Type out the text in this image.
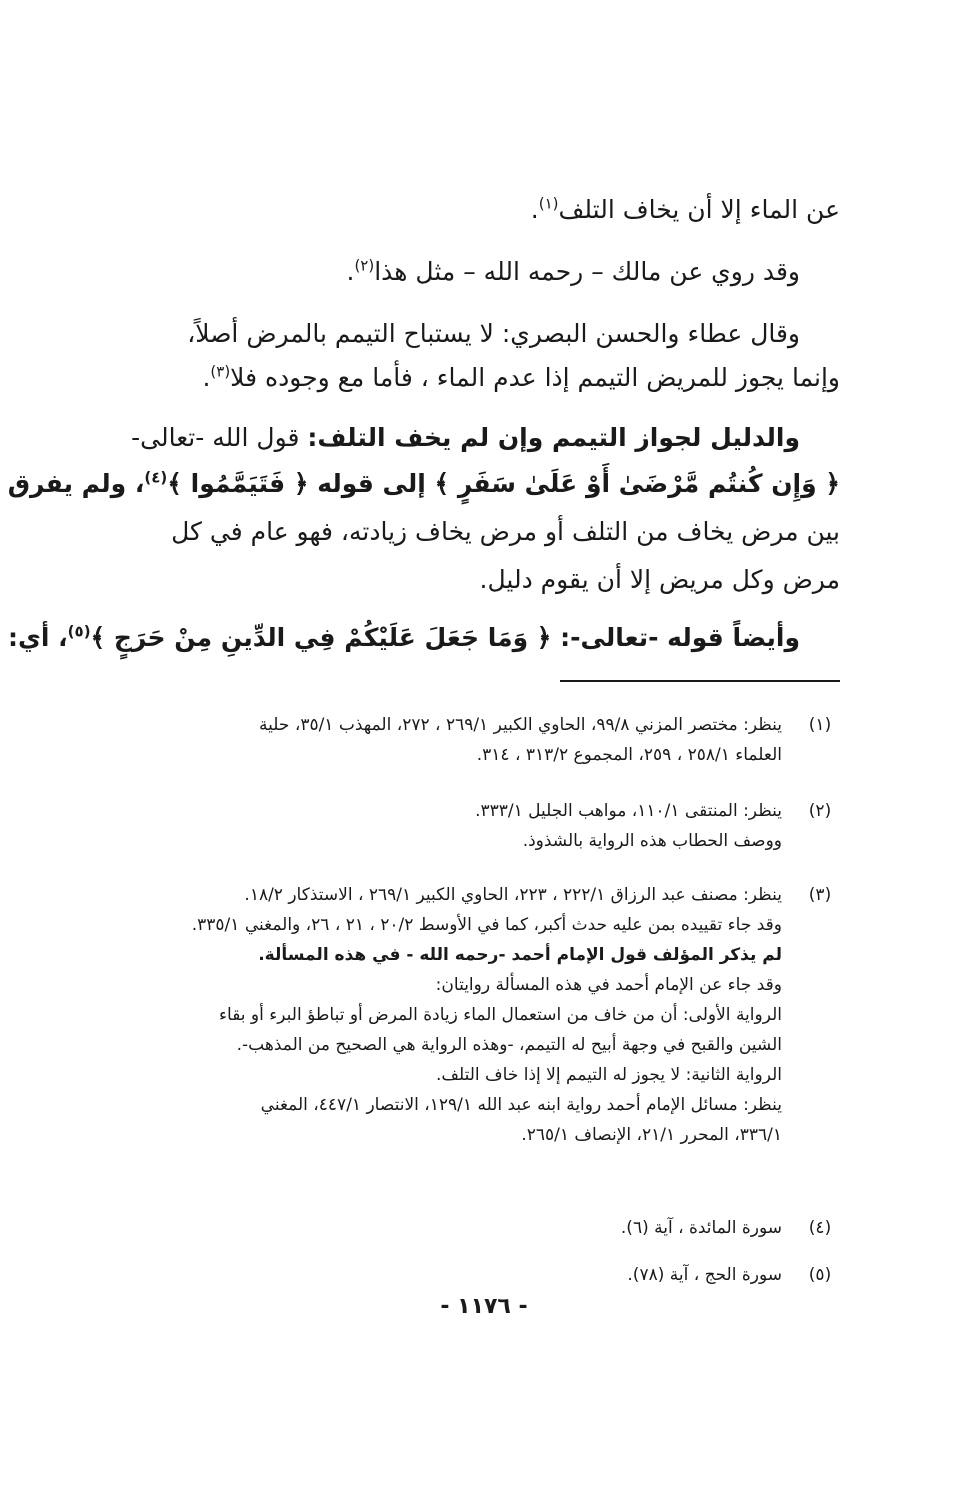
عن الماء إلا أن يخاف التلف$^{(١)}$.
وقد روي عن مالك – رحمه الله – مثل هذا$^{(٢)}$.
وقال عطاء والحسن البصري: لا يستباح التيمم بالمرض أصلاً،
وإنما يجوز للمريض التيمم إذا عدم الماء ، فأما مع وجوده فلا$^{(٣)}$.
والدليل لجواز التيمم وإن لم يخف التلف: قول الله -تعالى-
﴿ وَإِن كُنتُم مَّرْضَىٰ أَوْ عَلَىٰ سَفَرٍ ﴾ إلى قوله ﴿ فَتَيَمَّمُوا ﴾$^{(٤)}$، ولم يفرق
بين مرض يخاف من التلف أو مرض يخاف زيادته، فهو عام في كل
مرض وكل مريض إلا أن يقوم دليل.
وأيضاً قوله -تعالى-: ﴿ وَمَا جَعَلَ عَلَيْكُمْ فِي الدِّينِ مِنْ حَرَجٍ ﴾$^{(٥)}$، أي:
(١)
ينظر: مختصر المزني ٩٩/٨، الحاوي الكبير ٢٦٩/١ ، ٢٧٢، المهذب ٣٥/١، حلية
العلماء ٢٥٨/١ ، ٢٥٩، المجموع ٣١٣/٢ ، ٣١٤.
(٢)
ينظر: المنتقى ١١٠/١، مواهب الجليل ٣٣٣/١.
ووصف الحطاب هذه الرواية بالشذوذ.
(٣)
ينظر: مصنف عبد الرزاق ٢٢٢/١ ، ٢٢٣، الحاوي الكبير ٢٦٩/١ ، الاستذكار ١٨/٢.
وقد جاء تقييده بمن عليه حدث أكبر، كما في الأوسط ٢٠/٢ ، ٢١ ، ٢٦، والمغني ٣٣٥/١.
لم يذكر المؤلف قول الإمام أحمد -رحمه الله - في هذه المسألة.
وقد جاء عن الإمام أحمد في هذه المسألة روايتان:
الرواية الأولى: أن من خاف من استعمال الماء زيادة المرض أو تباطؤ البرء أو بقاء
الشين والقبح في وجهة أبيح له التيمم، -وهذه الرواية هي الصحيح من المذهب-.
الرواية الثانية: لا يجوز له التيمم إلا إذا خاف التلف.
ينظر: مسائل الإمام أحمد رواية ابنه عبد الله ١٢٩/١، الانتصار ٤٤٧/١، المغني
٣٣٦/١، المحرر ٢١/١، الإنصاف ٢٦٥/١.
(٤)
سورة المائدة ، آية (٦).
(٥)
سورة الحج ، آية (٧٨).
- ١١٧٦ -
